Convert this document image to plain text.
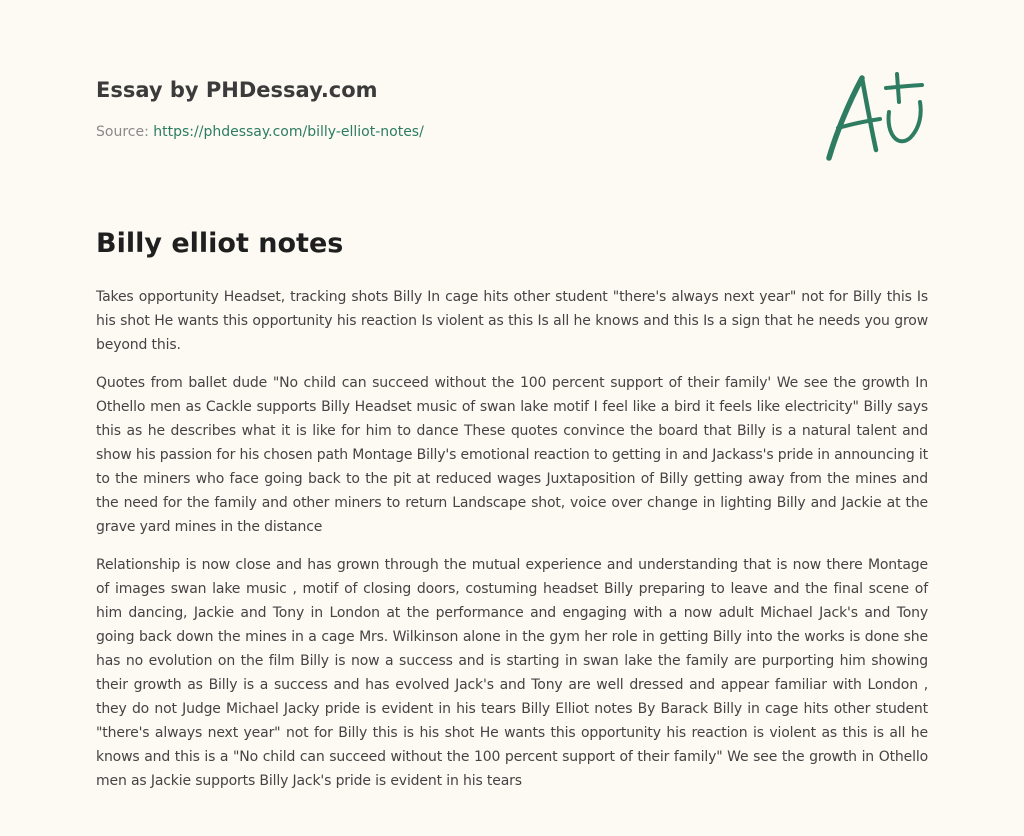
Essay by PHDessay.com
Source: https://phdessay.com/billy-elliot-notes/
Billy elliot notes

Takes opportunity Headset, tracking shots Billy In cage hits other student "there's always next year" not for Billy this Is his shot He wants this opportunity his reaction Is violent as this Is all he knows and this Is a sign that he needs you grow beyond this.

Quotes from ballet dude "No child can succeed without the 100 percent support of their family' We see the growth In Othello men as Cackle supports Billy Headset music of swan lake motif I feel like a bird it feels like electricity" Billy says this as he describes what it is like for him to dance These quotes convince the board that Billy is a natural talent and show his passion for his chosen path Montage Billy's emotional reaction to getting in and Jackass's pride in announcing it to the miners who face going back to the pit at reduced wages Juxtaposition of Billy getting away from the mines and the need for the family and other miners to return Landscape shot, voice over change in lighting Billy and Jackie at the grave yard mines in the distance

Relationship is now close and has grown through the mutual experience and understanding that is now there Montage of images swan lake music , motif of closing doors, costuming headset Billy preparing to leave and the final scene of him dancing, Jackie and Tony in London at the performance and engaging with a now adult Michael Jack's and Tony going back down the mines in a cage Mrs. Wilkinson alone in the gym her role in getting Billy into the works is done she has no evolution on the film Billy is now a success and is starting in swan lake the family are purporting him showing their growth as Billy is a success and has evolved Jack's and Tony are well dressed and appear familiar with London , they do not Judge Michael Jacky pride is evident in his tears Billy Elliot notes By Barack Billy in cage hits other student "there's always next year" not for Billy this is his shot He wants this opportunity his reaction is violent as this is all he knows and this is a "No child can succeed without the 100 percent support of their family" We see the growth in Othello men as Jackie supports Billy Jack's pride is evident in his tears
